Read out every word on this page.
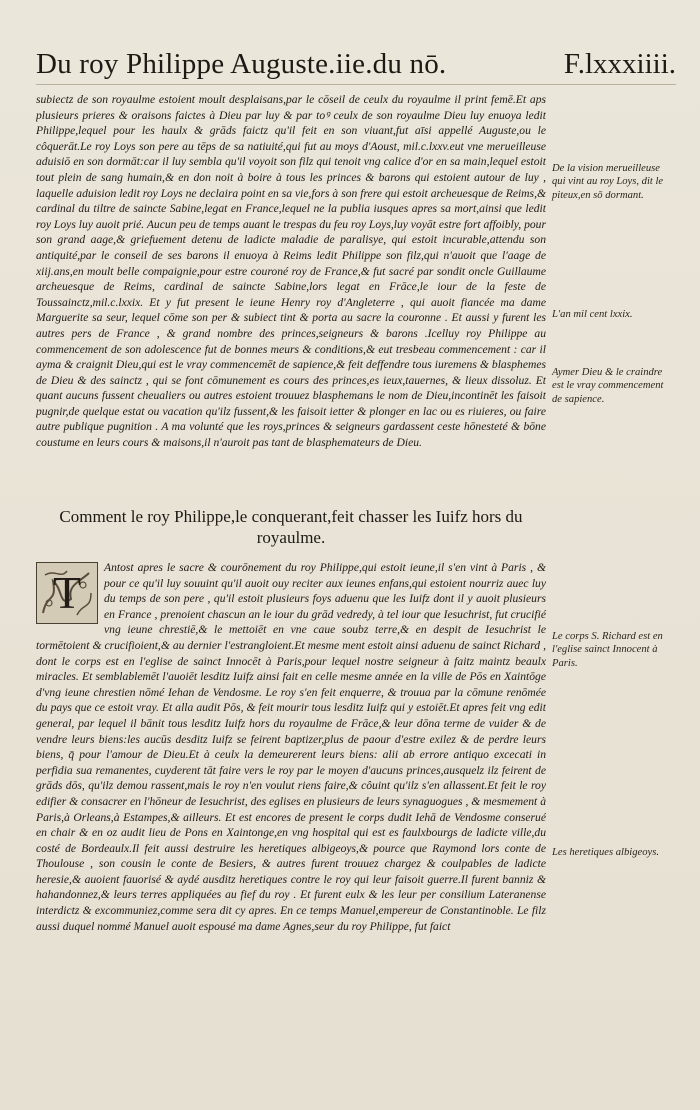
Du roy Philippe Auguste.iie.du nō.	F.lxxxiiii.

subiectz de son royaulme estoient moult desplaisans,par le cōseil de ceulx du royaulme il print femē.Et aps plusieurs prieres & oraisons faictes à Dieu par luy & par toꝰ ceulx de son royaulme Dieu luy enuoya ledit Philippe,lequel pour les haulx & grāds faictz qu'il feit en son viuant,fut aīsi appellé Auguste,ou le côquerāt.Le roy Loys son pere au tēps de sa natiuité,qui fut au moys d'Aoust, mil.c.lxxv.eut vne merueilleuse aduisiō en son dormāt:car il luy sembla qu'il voyoit son filz qui tenoit vng calice d'or en sa main,lequel estoit tout plein de sang humain,& en don noit à boire à tous les princes & barons qui estoient autour de luy , laquelle aduision ledit roy Loys ne declaira point en sa vie,fors à son frere qui estoit archeuesque de Reims,& cardinal du tiltre de saincte Sabine,legat en France,lequel ne la publia iusques apres sa mort,ainsi que ledit roy Loys luy auoit prié. Aucun peu de temps auant le trespas du feu roy Loys,luy voyāt estre fort affoibly, pour son grand aage,& griefuement detenu de ladicte maladie de paralisye, qui estoit incurable,attendu son antiquité,par le conseil de ses barons il enuoya à Reims ledit Philippe son filz,qui n'auoit que l'aage de xiij.ans,en moult belle compaignie,pour estre couroné roy de France,& fut sacré par sondit oncle Guillaume archeuesque de Reims, cardinal de saincte Sabine,lors legat en Frāce,le iour de la feste de Toussainctz,mil.c.lxxix. Et y fut present le ieune Henry roy d'Angleterre , qui auoit fiancée ma dame Marguerite sa seur, lequel cōme son per & subiect tint & porta au sacre la couronne . Et aussi y furent les autres pers de France , & grand nombre des princes,seigneurs & barons .Icelluy roy Philippe au commencement de son adolescence fut de bonnes meurs & conditions,& eut tresbeau commencement : car il ayma & craignit Dieu,qui est le vray commencemēt de sapience,& feit deffendre tous iuremens & blasphemes de Dieu & des sainctz , qui se font cōmunement es cours des princes,es ieux,tauernes, & lieux dissoluz. Et quant aucuns fussent cheualiers ou autres estoient trouuez blasphemans le nom de Dieu,incontinēt les faisoit pugnir,de quelque estat ou vacation qu'ilz fussent,& les faisoit ietter & plonger en lac ou es riuieres, ou faire autre publique pugnition . A ma volunté que les roys,princes & seigneurs gardassent ceste hōnesteté & bōne coustume en leurs cours & maisons,il n'auroit pas tant de blasphemateurs de Dieu.

Comment le roy Philippe,le conquerant,feit chasser les Iuifz hors du royaulme.
T	Antost apres le sacre & courōnement du roy Philippe,qui estoit ieune,il s'en vint à Paris , & pour ce qu'il luy souuint qu'il auoit ouy reciter aux ieunes enfans,qui estoient nourriz auec luy du temps de son pere , qu'il estoit plusieurs foys aduenu que les Iuifz dont il y auoit plusieurs en France , prenoient chascun an le iour du grād vedredy, à tel iour que Iesuchrist, fut crucifié vng ieune chrestiē,& le mettoiēt en vne caue soubz terre,& en despit de Iesuchrist le tormētoient & crucifioient,& au dernier l'estrangloient.Et mesme ment estoit ainsi aduenu de sainct Richard , dont le corps est en l'eglise de sainct Innocēt à Paris,pour lequel nostre seigneur à faitz maintz beaulx miracles. Et semblablemēt l'auoiēt lesditz Iuifz ainsi fait en celle mesme année en la ville de Pōs en Xaintōge d'vng ieune chrestien nōmé Iehan de Vendosme. Le roy s'en feit enquerre, & trouua par la cōmune renōmée du pays que ce estoit vray. Et alla audit Pōs, & feit mourir tous lesditz Iuifz qui y estoiēt.Et apres feit vng edit general, par lequel il bānit tous lesditz Iuifz hors du royaulme de Frāce,& leur dōna terme de vuider & de vendre leurs biens:les aucūs desditz Iuifz se feirent baptizer,plus de paour d'estre exilez & de perdre leurs biens, q̄ pour l'amour de Dieu.Et à ceulx la demeurerent leurs biens: alii ab errore antiquo excecati in perfidia sua remanentes, cuyderent tāt faire vers le roy par le moyen d'aucuns princes,ausquelz ilz feirent de grāds dōs, qu'ilz demou rassent,mais le roy n'en voulut riens faire,& côuint qu'ilz s'en allassent.Et feit le roy edifier & consacrer en l'hōneur de Iesuchrist, des eglises en plusieurs de leurs synaguogues , & mesmement à Paris,à Orleans,à Estampes,& ailleurs. Et est encores de present le corps dudit Iehā de Vendosme conserué en chair & en oz audit lieu de Pons en Xaintonge,en vng hospital qui est es faulxbourgs de ladicte ville,du costé de Bordeaulx.Il feit aussi destruire les heretiques albigeoys,& pource que Raymond lors conte de Thoulouse , son cousin le conte de Besiers, & autres furent trouuez chargez & coulpables de ladicte heresie,& auoient fauorisé & aydé ausditz heretiques contre le roy qui leur faisoit guerre.Il furent banniz & hahandonnez,& leurs terres appliquées au fief du roy . Et furent eulx & les leur per consilium Lateranense interdictz & excommuniez,comme sera dit cy apres. En ce temps Manuel,empereur de Constantinoble. Le filz aussi duquel nommé Manuel auoit espousé ma dame Agnes,seur du roy Philippe, fut faict

De la vision merueilleuse qui vint au roy Loys, dit le piteux,en sō dormant.
L'an mil cent lxxix.
Aymer Dieu & le craindre est le vray commencement de sapience.
Le corps S. Richard est en l'eglise sainct Innocent à Paris.
Les heretiques albigeoys.
